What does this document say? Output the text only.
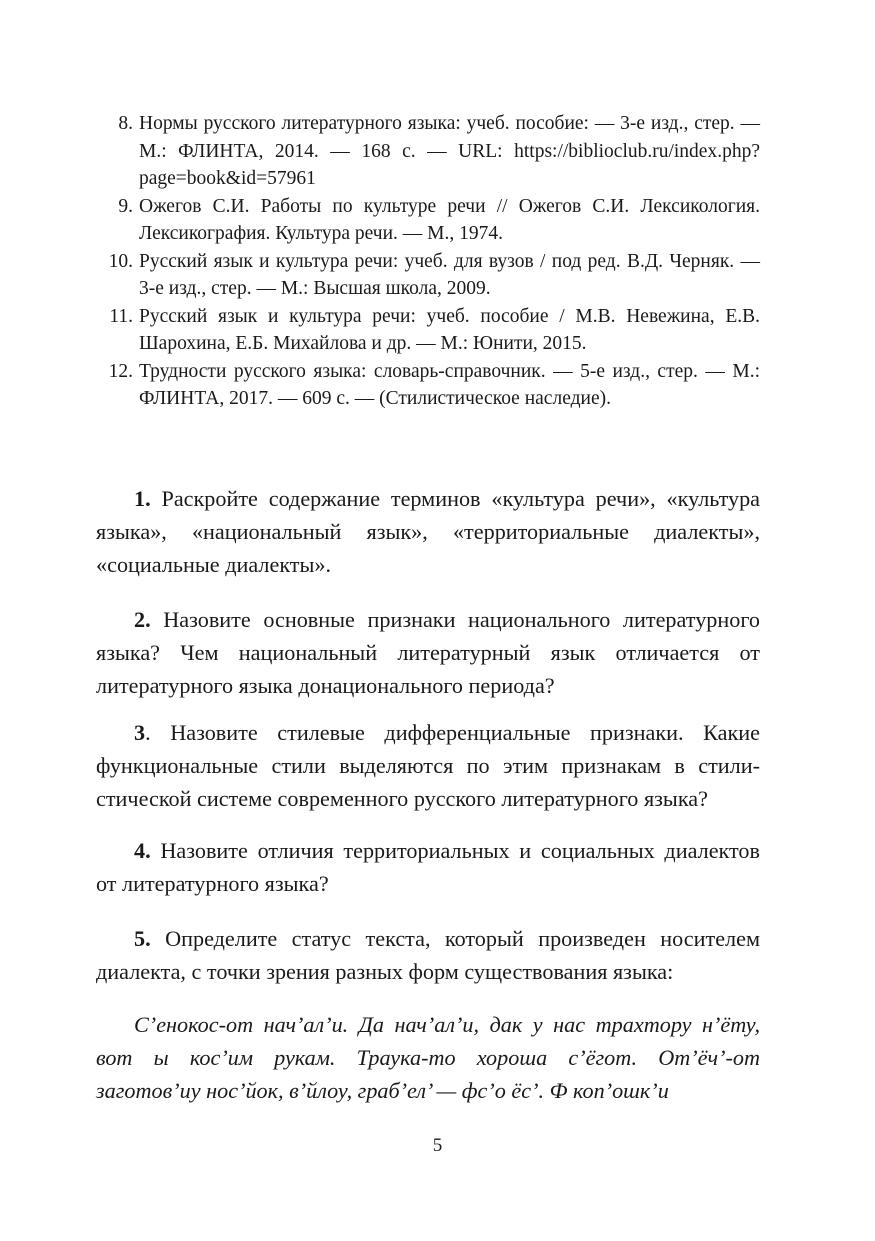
8. Нормы русского литературного языка: учеб. пособие: — 3-е изд., стер. — М.: ФЛИНТА, 2014. — 168 с. — URL: https://biblioclub.ru/index.php?page=book&id=57961
9. Ожегов С.И. Работы по культуре речи // Ожегов С.И. Лексикология. Лексикография. Культура речи. — М., 1974.
10. Русский язык и культура речи: учеб. для вузов / под ред. В.Д. Черняк. — 3-е изд., стер. — М.: Высшая школа, 2009.
11. Русский язык и культура речи: учеб. пособие / М.В. Невежина, Е.В. Шарохина, Е.Б. Михайлова и др. — М.: Юнити, 2015.
12. Трудности русского языка: словарь-справочник. — 5-е изд., стер. — М.: ФЛИНТА, 2017. — 609 с. — (Стилистическое наследие).

1. Раскройте содержание терминов «культура речи», «культура языка», «национальный язык», «территориальные диалекты», «социальные диалекты».

2. Назовите основные признаки национального литературного языка? Чем национальный литературный язык отличается от литературного языка донационального периода?

3. Назовите стилевые дифференциальные признаки. Какие функциональные стили выделяются по этим признакам в стилистической системе современного русского литературного языка?

4. Назовите отличия территориальных и социальных диалектов от литературного языка?

5. Определите статус текста, который произведен носителем диалекта, с точки зрения разных форм существования языка:

С’енокос-от нач’ал’и. Да нач’ал’и, дак у нас трахтору н’ёту, вот ы кос’им рукам. Траука-то хороша с’ёгот. От’ёч’-от заготов’иу нос’йок, в’йлоу, граб’ел’ — фс’о ёс’. Ф коп’ошк’и

5
